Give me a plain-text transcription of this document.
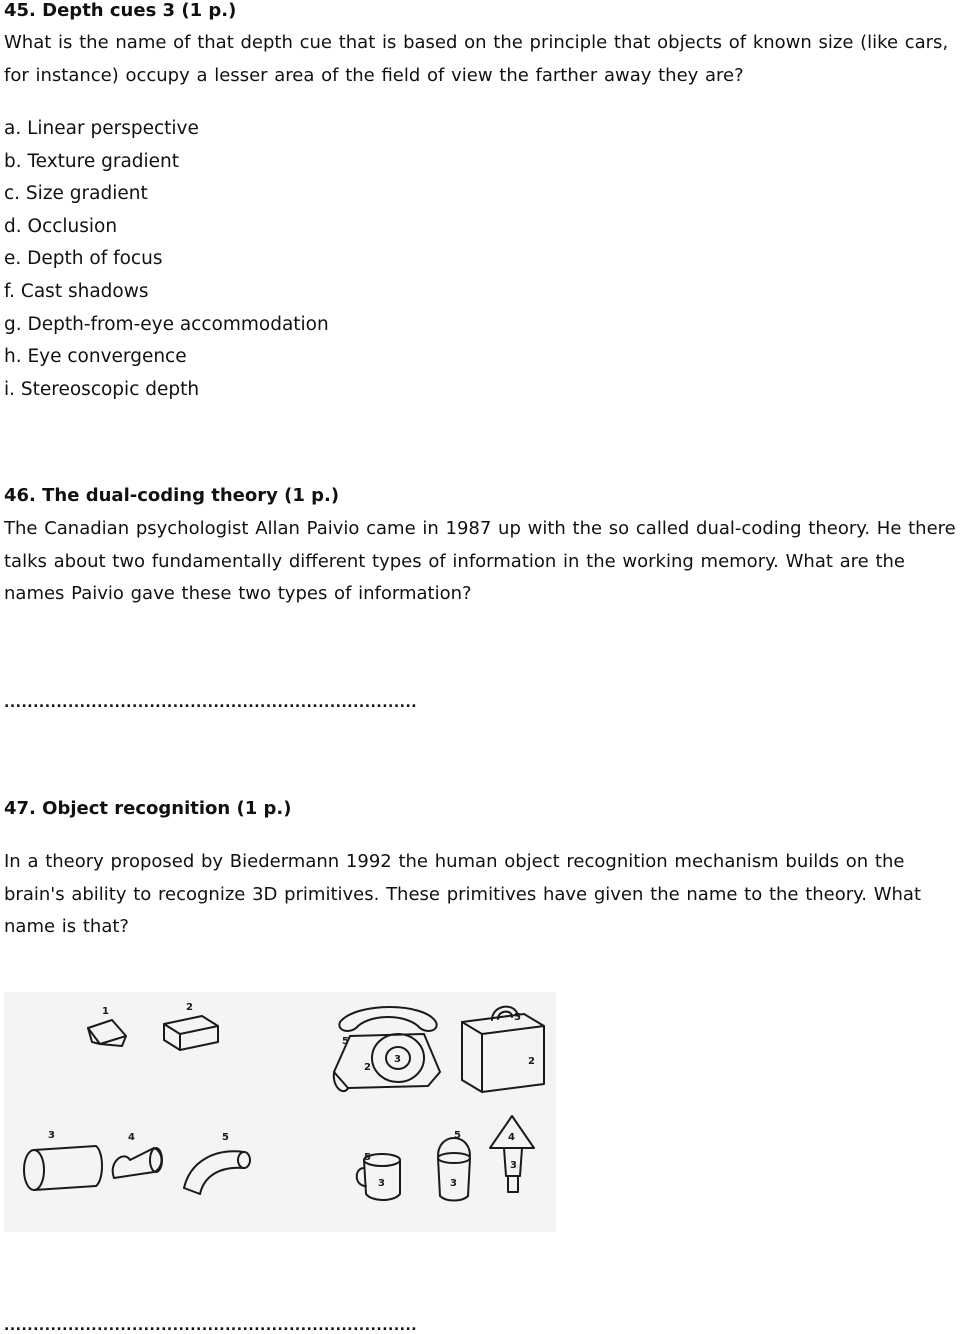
45. Depth cues 3 (1 p.)

What is the name of that depth cue that is based on the principle that objects of known size (like cars, for instance) occupy a lesser area of the field of view the farther away they are?

a. Linear perspective
b. Texture gradient
c. Size gradient
d. Occlusion
e. Depth of focus
f. Cast shadows
g. Depth-from-eye accommodation
h. Eye convergence
i. Stereoscopic depth
46. The dual-coding theory (1 p.)

The Canadian psychologist Allan Paivio came in 1987 up with the so called dual-coding theory. He there talks about two fundamentally different types of information in the working memory. What are the names Paivio gave these two types of information?

.......................................................................
47. Object recognition (1 p.)

In a theory proposed by Biedermann 1992 the human object recognition mechanism builds on the brain's ability to recognize 3D primitives. These primitives have given the name to the theory. What name is that?

1	2
3	4	5
5
3
2
5
2
5
3
5
3
4
3
.......................................................................
